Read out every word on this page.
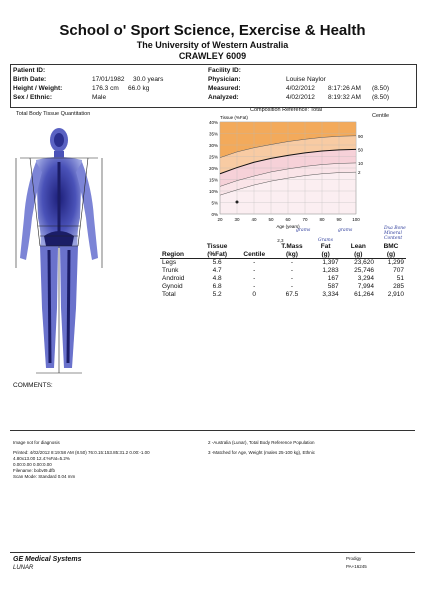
School o' Sport Science, Exercise & Health
The University of Western Australia
CRAWLEY 6009
Patient ID:
Birth Date:	17/01/1982 30.0 years
Height / Weight:	176.3 cm 66.0 kg
Sex / Ethnic:	Male
Facility ID:
Physician:	Louise Naylor
Measured:	4/02/2012 8:17:26 AM (8.50)
Analyzed:	4/02/2012 8:19:32 AM (8.50)
Total Body Tissue Quantitation
Composition Reference: Total
Centile
0%
5%
10%
15%
20%
25%
30%
35%
40%
20	30	40	50	60	70	80	90 100
90
50
10
2
Tissue (%Fat)
Age (years)
grams	grams
Grams
Dxa Bone
Mineral
Content
Region	Tissue
(%Fat)	Centile	2,3
T.Mass
(kg)	Fat
(g)	Lean
(g)	BMC
(g)
Legs	5.6	-	-	1,397	23,620	1,299
Trunk	4.7	-	-	1,283	25,746	707
Android	4.8	-	-	167	3,294	51
Gynoid	6.8	-	-	587	7,994	285
Total	5.2	0	67.5	3,334	61,264	2,910
COMMENTS:
Image not for diagnosis
Printed: 4/02/2012 8:19:58 AM (8.50) 76:0.15:153.85:31.2 0.00:-1.00
4.80x13.00 12.4:%Fat=5.2%
0.00:0.00 0.00:0.00
Filename: bobvt9.dfb
Scan Mode: Standard 0.04 mm
2 -Australia (Lunar), Total Body Reference Population
3 -Matched for Age, Weight (males 25-100 kg), Ethnic
GE Medical Systems
LUNAR
Prodigy
PA+16245
